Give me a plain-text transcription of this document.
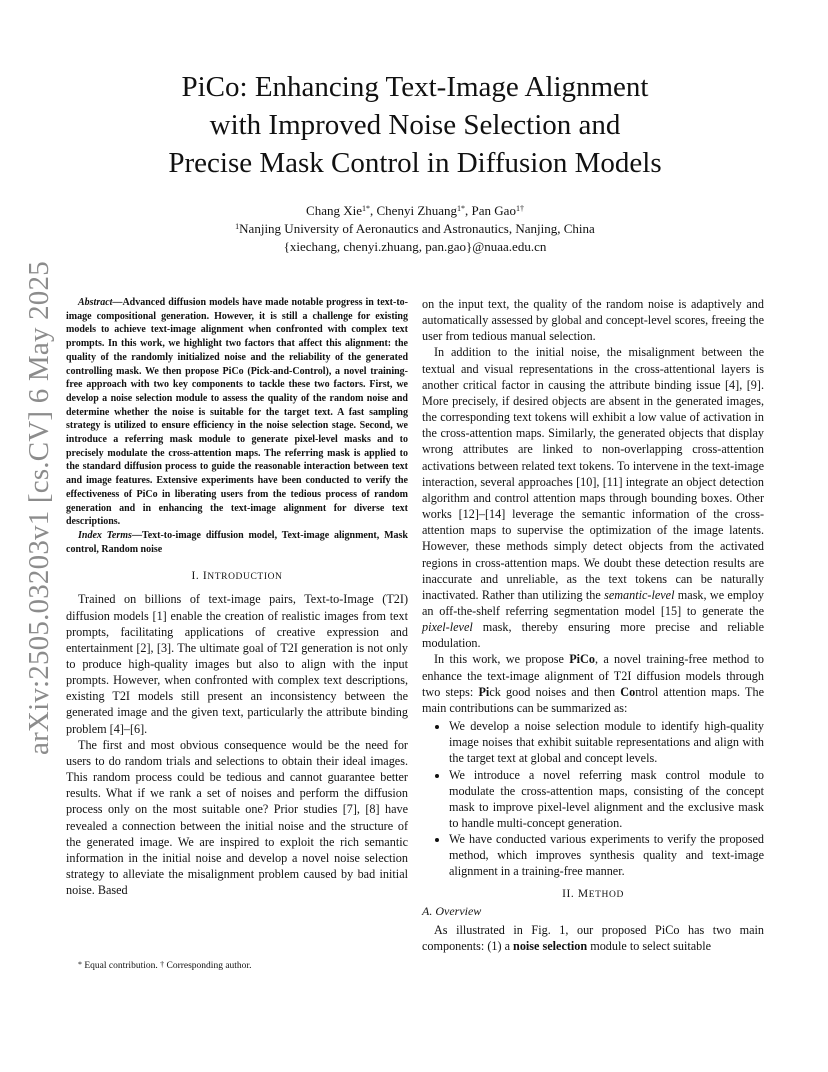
arXiv:2505.03203v1 [cs.CV] 6 May 2025
PiCo: Enhancing Text-Image Alignment
with Improved Noise Selection and
Precise Mask Control in Diffusion Models
Chang Xie$^{1*}$, Chenyi Zhuang$^{1*}$, Pan Gao$^{1\dagger}$
$^1$Nanjing University of Aeronautics and Astronautics, Nanjing, China
{xiechang, chenyi.zhuang, pan.gao}@nuaa.edu.cn

Abstract—Advanced diffusion models have made notable progress in text-to-image compositional generation. However, it is still a challenge for existing models to achieve text-image alignment when confronted with complex text prompts. In this work, we highlight two factors that affect this alignment: the quality of the randomly initialized noise and the reliability of the generated controlling mask. We then propose PiCo (Pick-and-Control), a novel training-free approach with two key components to tackle these two factors. First, we develop a noise selection module to assess the quality of the random noise and determine whether the noise is suitable for the target text. A fast sampling strategy is utilized to ensure efficiency in the noise selection stage. Second, we introduce a referring mask module to generate pixel-level masks and to precisely modulate the cross-attention maps. The referring mask is applied to the standard diffusion process to guide the reasonable interaction between text and image features. Extensive experiments have been conducted to verify the effectiveness of PiCo in liberating users from the tedious process of random generation and in enhancing the text-image alignment for diverse text descriptions.

Index Terms—Text-to-image diffusion model, Text-image alignment, Mask control, Random noise

I. INTRODUCTION

Trained on billions of text-image pairs, Text-to-Image (T2I) diffusion models [1] enable the creation of realistic images from text prompts, facilitating applications of creative expression and entertainment [2], [3]. The ultimate goal of T2I generation is not only to produce high-quality images but also to align with the input prompts. However, when confronted with complex text descriptions, existing T2I models still present an inconsistency between the generated image and the given text, particularly the attribute binding problem [4]–[6].

The first and most obvious consequence would be the need for users to do random trials and selections to obtain their ideal images. This random process could be tedious and cannot guarantee better results. What if we rank a set of noises and perform the diffusion process only on the most suitable one? Prior studies [7], [8] have revealed a connection between the initial noise and the structure of the generated image. We are inspired to exploit the rich semantic information in the initial noise and develop a novel noise selection strategy to alleviate the misalignment problem caused by bad initial noise. Based

on the input text, the quality of the random noise is adaptively and automatically assessed by global and concept-level scores, freeing the user from tedious manual selection.

In addition to the initial noise, the misalignment between the textual and visual representations in the cross-attentional layers is another critical factor in causing the attribute binding issue [4], [9]. More precisely, if desired objects are absent in the generated images, the corresponding text tokens will exhibit a low value of activation in the cross-attention maps. Similarly, the generated objects that display wrong attributes are linked to non-overlapping cross-attention activations between related text tokens. To intervene in the text-image interaction, several approaches [10], [11] integrate an object detection algorithm and control attention maps through bounding boxes. Other works [12]–[14] leverage the semantic information of the cross-attention maps to supervise the optimization of the image latents. However, these methods simply detect objects from the activated regions in cross-attention maps. We doubt these detection results are inaccurate and unreliable, as the text tokens can be naturally inactivated. Rather than utilizing the semantic-level mask, we employ an off-the-shelf referring segmentation model [15] to generate the pixel-level mask, thereby ensuring more precise and reliable modulation.

In this work, we propose PiCo, a novel training-free method to enhance the text-image alignment of T2I diffusion models through two steps: Pick good noises and then Control attention maps. The main contributions can be summarized as:

• We develop a noise selection module to identify high-quality image noises that exhibit suitable representations and align with the target text at global and concept levels.
• We introduce a novel referring mask control module to modulate the cross-attention maps, consisting of the concept mask to improve pixel-level alignment and the exclusive mask to handle multi-concept generation.
• We have conducted various experiments to verify the proposed method, which improves synthesis quality and text-image alignment in a training-free manner.
II. METHOD
A. Overview

As illustrated in Fig. 1, our proposed PiCo has two main components: (1) a noise selection module to select suitable

* Equal contribution. † Corresponding author.
